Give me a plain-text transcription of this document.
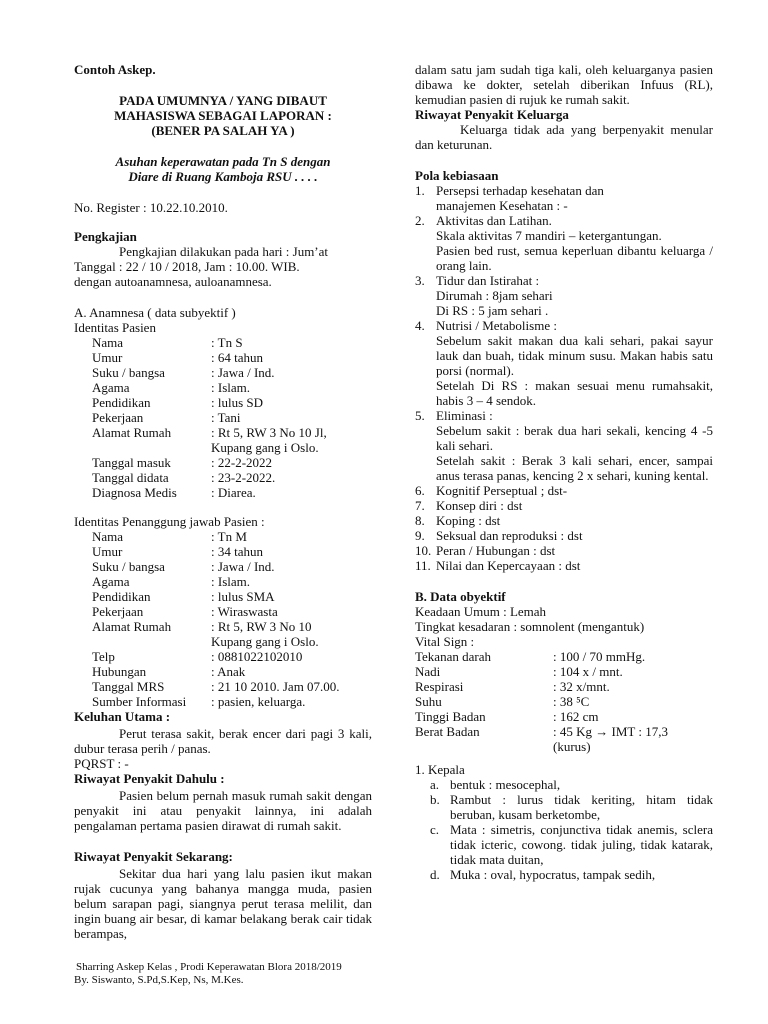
Contoh Askep.

PADA UMUMNYA / YANG DIBAUT

MAHASISWA SEBAGAI LAPORAN :

(BENER PA SALAH YA )

Asuhan keperawatan pada Tn S dengan

Diare di Ruang Kamboja RSU . . . .

No. Register : 10.22.10.2010.

Pengkajian

Pengkajian dilakukan pada hari : Jum’at

Tanggal : 22 / 10 / 2018, Jam : 10.00. WIB.

dengan autoanamnesa, auloanamnesa.

A. Anamnesa ( data subyektif )

Identitas Pasien

Nama	: Tn S
Umur	: 64 tahun
Suku / bangsa	: Jawa / Ind.
Agama	: Islam.
Pendidikan	: lulus SD
Pekerjaan	: Tani
Alamat Rumah	: Rt 5, RW 3 No 10 Jl,
Kupang gang i Oslo.
Tanggal masuk	: 22-2-2022
Tanggal didata	: 23-2-2022.
Diagnosa Medis	: Diarea.

Identitas Penanggung jawab Pasien :

Nama	: Tn M
Umur	: 34 tahun
Suku / bangsa	: Jawa / Ind.
Agama	: Islam.
Pendidikan	: lulus SMA
Pekerjaan	: Wiraswasta
Alamat Rumah	: Rt 5, RW 3 No 10
Kupang gang i Oslo.
Telp	: 0881022102010
Hubungan	: Anak
Tanggal MRS	: 21 10 2010. Jam 07.00.
Sumber Informasi : pasien, keluarga.

Keluhan Utama :

Perut terasa sakit, berak encer dari pagi 3 kali, dubur terasa perih / panas.

PQRST : -

Riwayat Penyakit Dahulu :

Pasien belum pernah masuk rumah sakit dengan penyakit ini atau penyakit lainnya, ini adalah pengalaman pertama pasien dirawat di rumah sakit.

Riwayat Penyakit Sekarang:

Sekitar dua hari yang lalu pasien ikut makan rujak cucunya yang bahanya mangga muda, pasien belum sarapan pagi, siangnya perut terasa melilit, dan ingin buang air besar, di kamar belakang berak cair tidak berampas,

dalam satu jam sudah tiga kali, oleh keluarganya pasien dibawa ke dokter, setelah diberikan Infuus (RL), kemudian pasien di rujuk ke rumah sakit.

Riwayat Penyakit Keluarga

Keluarga tidak ada yang berpenyakit menular dan keturunan.

Pola kebiasaan

1. Persepsi terhadap kesehatan dan

manajemen Kesehatan : -

2. Aktivitas dan Latihan.

Skala aktivitas 7 mandiri – ketergantungan.

Pasien bed rust, semua keperluan dibantu keluarga / orang lain.

3. Tidur dan Istirahat :

Dirumah : 8jam sehari

Di RS : 5 jam sehari .

4. Nutrisi / Metabolisme :

Sebelum sakit makan dua kali sehari, pakai sayur lauk dan buah, tidak minum susu. Makan habis satu porsi (normal).

Setelah Di RS : makan sesuai menu rumahsakit, habis 3 – 4 sendok.

5. Eliminasi :

Sebelum sakit : berak dua hari sekali, kencing 4 -5 kali sehari.

Setelah sakit : Berak 3 kali sehari, encer, sampai anus terasa panas, kencing 2 x sehari, kuning kental.

6. Kognitif Perseptual ; dst-

7. Konsep diri : dst

8. Koping : dst

9. Seksual dan reproduksi : dst

10. Peran / Hubungan : dst

11. Nilai dan Kepercayaan : dst

B. Data obyektif

Keadaan Umum : Lemah

Tingkat kesadaran : somnolent (mengantuk)

Vital Sign :

Tekanan darah	: 100 / 70 mmHg.
Nadi	: 104 x / mnt.
Respirasi	: 32 x/mnt.
Suhu	: 38 ⁵C
Tinggi Badan	: 162 cm
Berat Badan	: 45 Kg → IMT : 17,3
(kurus)

1. Kepala

a. bentuk : mesocephal,

b. Rambut : lurus tidak keriting, hitam tidak beruban, kusam berketombe,

c. Mata : simetris, conjunctiva tidak anemis, sclera tidak icteric, cowong. tidak juling, tidak katarak, tidak mata duitan,

d. Muka : oval, hypocratus, tampak sedih,

Sharring Askep Kelas , Prodi Keperawatan Blora 2018/2019

By. Siswanto, S.Pd,S.Kep, Ns, M.Kes.
